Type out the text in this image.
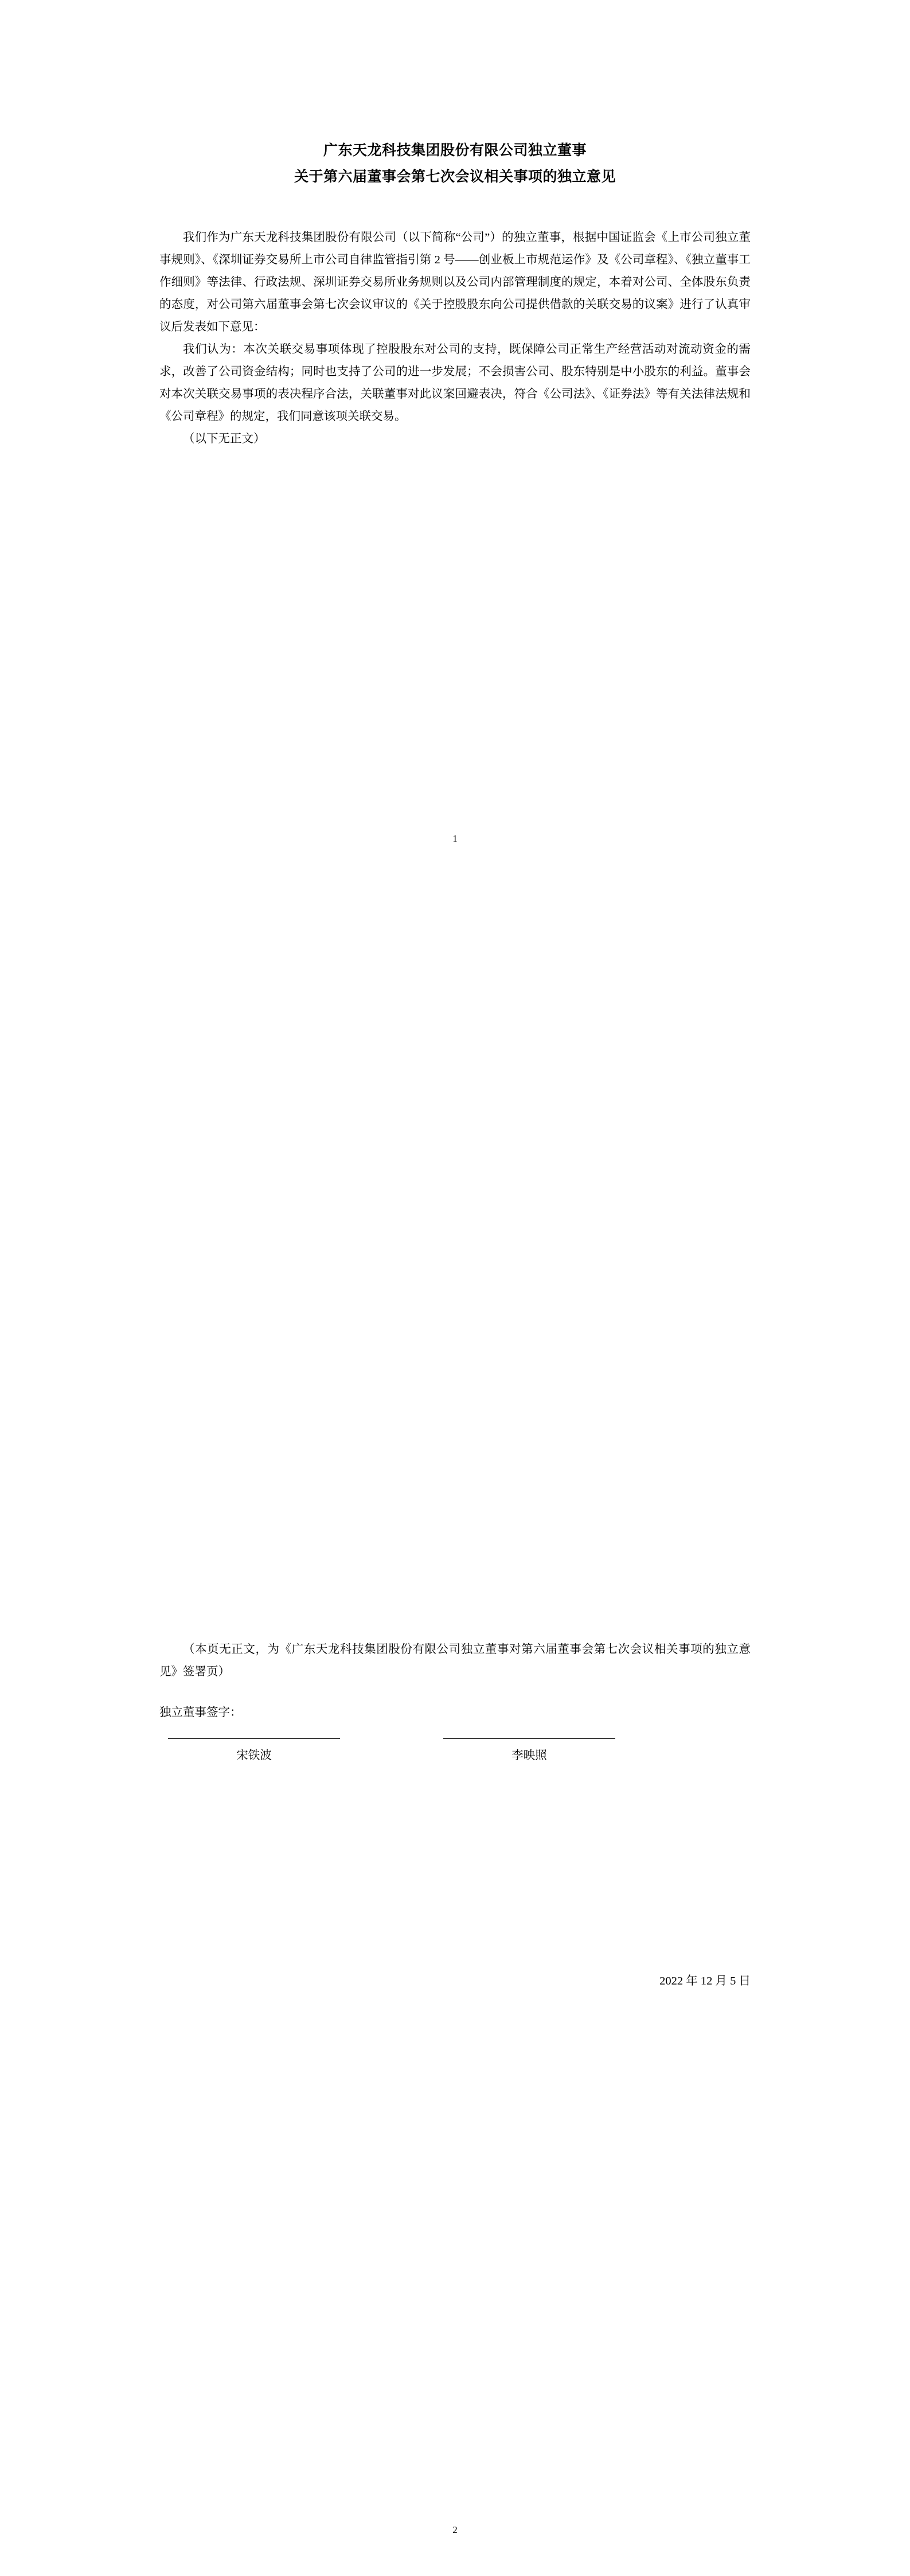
广东天龙科技集团股份有限公司独立董事
关于第六届董事会第七次会议相关事项的独立意见

我们作为广东天龙科技集团股份有限公司（以下简称“公司”）的独立董事，根据中国证监会《上市公司独立董事规则》、《深圳证券交易所上市公司自律监管指引第 2 号——创业板上市规范运作》及《公司章程》、《独立董事工作细则》等法律、行政法规、深圳证券交易所业务规则以及公司内部管理制度的规定，本着对公司、全体股东负责的态度，对公司第六届董事会第七次会议审议的《关于控股股东向公司提供借款的关联交易的议案》进行了认真审议后发表如下意见：

我们认为：本次关联交易事项体现了控股股东对公司的支持，既保障公司正常生产经营活动对流动资金的需求，改善了公司资金结构；同时也支持了公司的进一步发展；不会损害公司、股东特别是中小股东的利益。董事会对本次关联交易事项的表决程序合法，关联董事对此议案回避表决，符合《公司法》、《证券法》等有关法律法规和《公司章程》的规定，我们同意该项关联交易。

（以下无正文）

1

（本页无正文，为《广东天龙科技集团股份有限公司独立董事对第六届董事会第七次会议相关事项的独立意见》签署页）

独立董事签字：

宋铁波	李映照
2022 年 12 月 5 日
2
